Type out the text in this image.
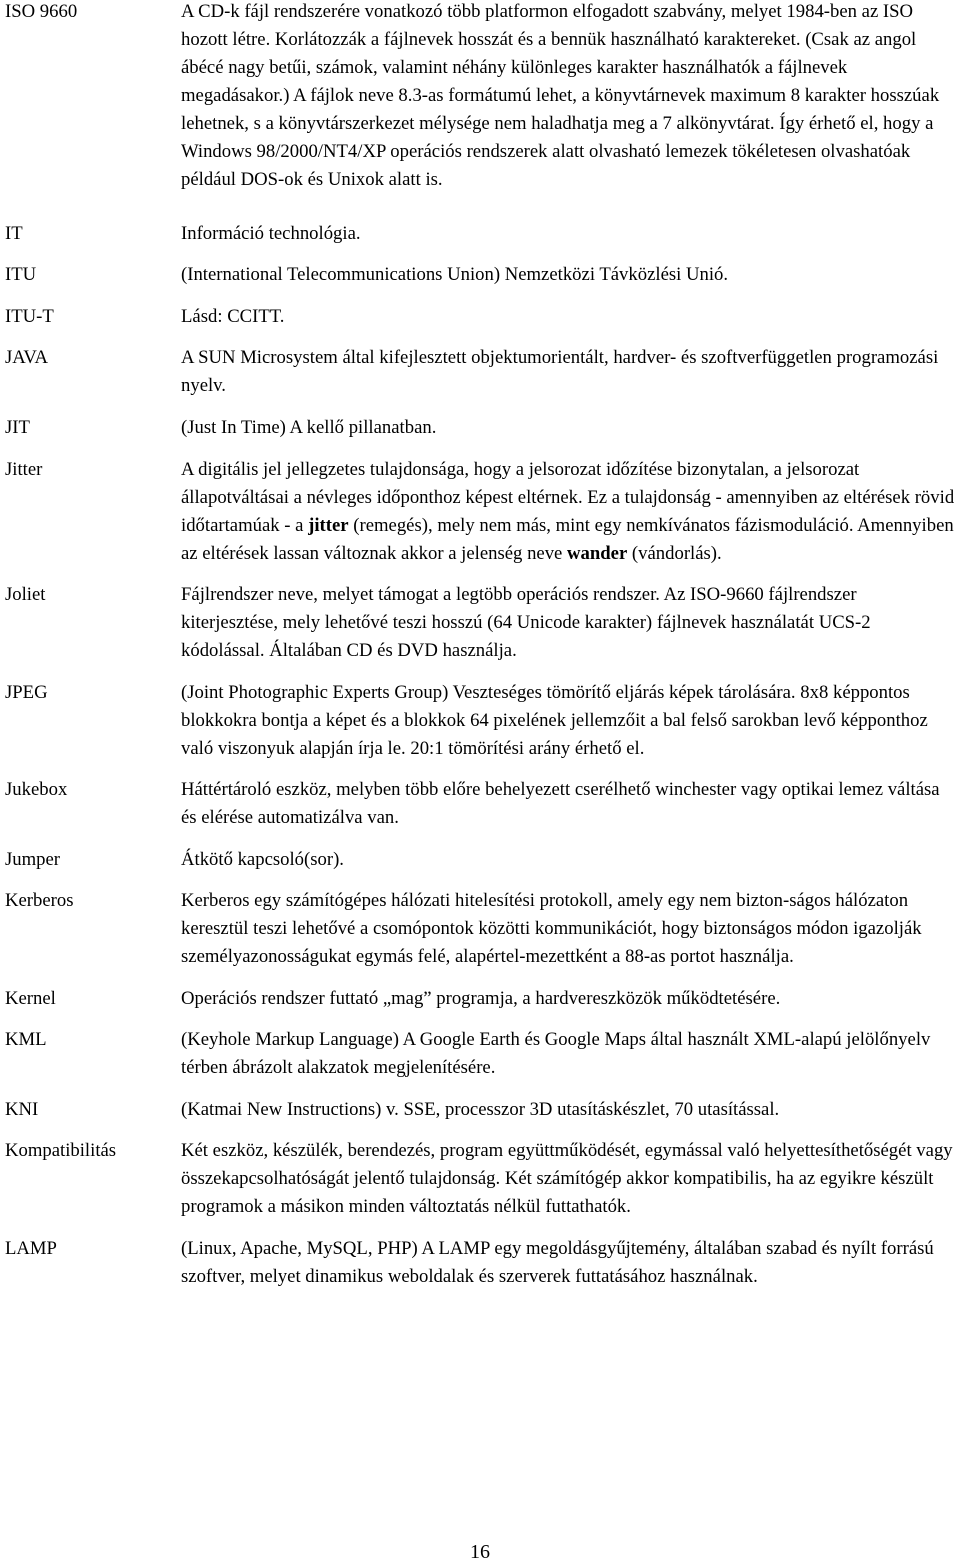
ISO 9660	A CD-k fájl rendszerére vonatkozó több platformon elfogadott szabvány, melyet 1984-ben az ISO hozott létre. Korlátozzák a fájlnevek hosszát és a bennük használható karaktereket. (Csak az angol ábécé nagy betűi, számok, valamint néhány különleges karakter használhatók a fájlnevek megadásakor.) A fájlok neve 8.3-as formátumú lehet, a könyvtárnevek maximum 8 karakter hosszúak lehetnek, s a könyvtárszerkezet mélysége nem haladhatja meg a 7 alkönyvtárat. Így érhető el, hogy a Windows 98/2000/NT4/XP operációs rendszerek alatt olvasható lemezek tökéletesen olvashatóak például DOS-ok és Unixok alatt is.
IT	Információ technológia.
ITU	(International Telecommunications Union) Nemzetközi Távközlési Unió.
ITU-T	Lásd: CCITT.
JAVA	A SUN Microsystem által kifejlesztett objektumorientált, hardver- és szoftverfüggetlen programozási nyelv.
JIT	(Just In Time) A kellő pillanatban.
Jitter	A digitális jel jellegzetes tulajdonsága, hogy a jelsorozat időzítése bizonytalan, a jelsorozat állapotváltásai a névleges időponthoz képest eltérnek. Ez a tulajdonság - amennyiben az eltérések rövid időtartamúak - a jitter (remegés), mely nem más, mint egy nemkívánatos fázismoduláció. Amennyiben az eltérések lassan változnak akkor a jelenség neve wander (vándorlás).
Joliet	Fájlrendszer neve, melyet támogat a legtöbb operációs rendszer. Az ISO-9660 fájlrendszer kiterjesztése, mely lehetővé teszi hosszú (64 Unicode karakter) fájlnevek használatát UCS-2 kódolással. Általában CD és DVD használja.
JPEG	(Joint Photographic Experts Group) Veszteséges tömörítő eljárás képek tárolására. 8x8 képpontos blokkokra bontja a képet és a blokkok 64 pixelének jellemzőit a bal felső sarokban levő képponthoz való viszonyuk alapján írja le. 20:1 tömörítési arány érhető el.
Jukebox	Háttértároló eszköz, melyben több előre behelyezett cserélhető winchester vagy optikai lemez váltása és elérése automatizálva van.
Jumper	Átkötő kapcsoló(sor).
Kerberos	Kerberos egy számítógépes hálózati hitelesítési protokoll, amely egy nem bizton-ságos hálózaton keresztül teszi lehetővé a csomópontok közötti kommunikációt, hogy biztonságos módon igazolják személyazonosságukat egymás felé, alapértel-mezettként a 88-as portot használja.
Kernel	Operációs rendszer futtató „mag” programja, a hardvereszközök működtetésére.
KML	(Keyhole Markup Language) A Google Earth és Google Maps által használt XML-alapú jelölőnyelv térben ábrázolt alakzatok megjelenítésére.
KNI	(Katmai New Instructions) v. SSE, processzor 3D utasításkészlet, 70 utasítással.
Kompatibilitás	Két eszköz, készülék, berendezés, program együttműködését, egymással való helyettesíthetőségét vagy összekapcsolhatóságát jelentő tulajdonság. Két számítógép akkor kompatibilis, ha az egyikre készült programok a másikon minden változtatás nélkül futtathatók.
LAMP	(Linux, Apache, MySQL, PHP) A LAMP egy megoldásgyűjtemény, általában szabad és nyílt forrású szoftver, melyet dinamikus weboldalak és szerverek futtatásához használnak.
16
